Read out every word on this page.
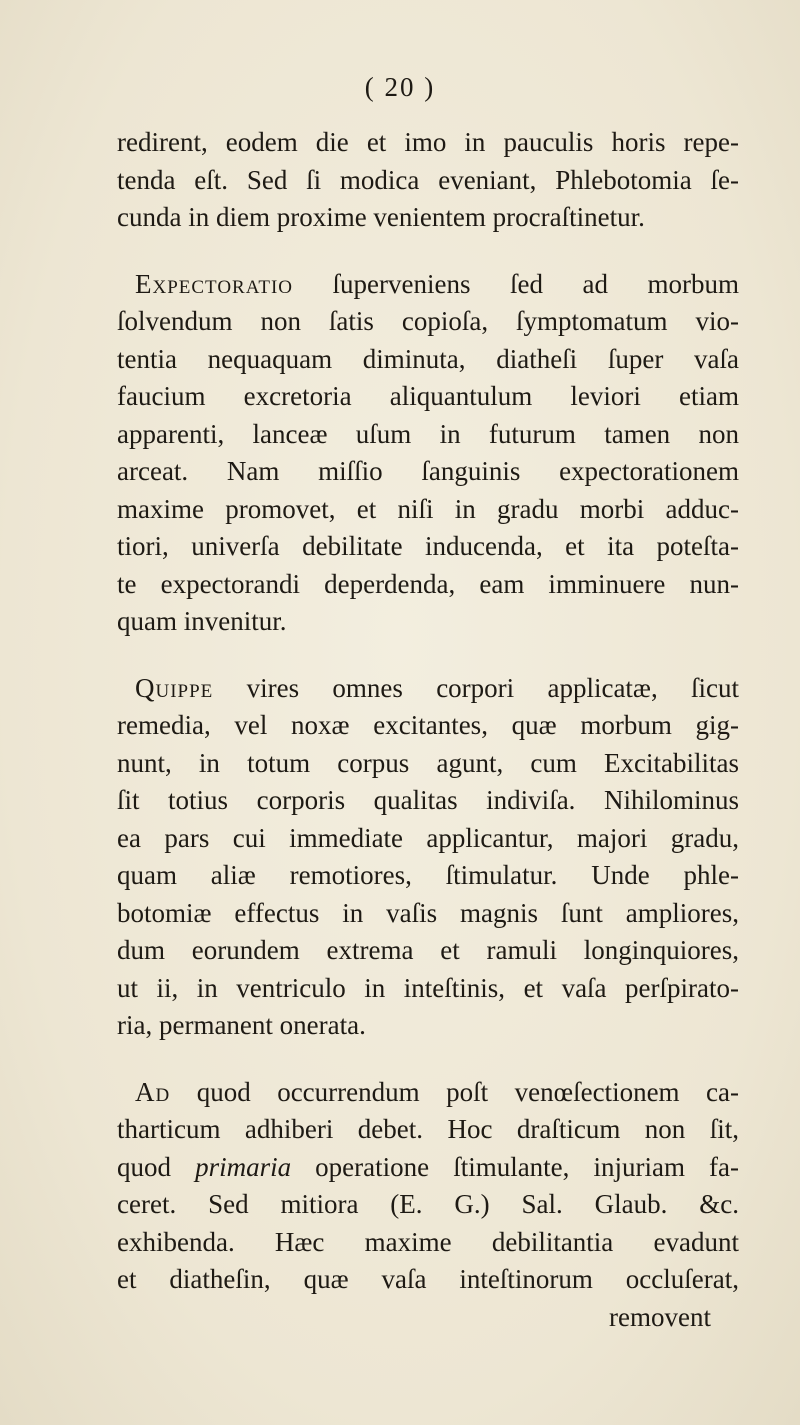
( 20 )
redirent, eodem die et imo in pauculis horis repe-
tenda eſt. Sed ſi modica eveniant, Phlebotomia ſe-
cunda in diem proxime venientem procraſtinetur.
Expectoratio ſuperveniens ſed ad morbum
ſolvendum non ſatis copioſa, ſymptomatum vio-
tentia nequaquam diminuta, diatheſi ſuper vaſa
faucium excretoria aliquantulum leviori etiam
apparenti, lanceæ uſum in futurum tamen non
arceat. Nam miſſio ſanguinis expectorationem
maxime promovet, et niſi in gradu morbi adduc-
tiori, univerſa debilitate inducenda, et ita poteſta-
te expectorandi deperdenda, eam imminuere nun-
quam invenitur.
Quippe vires omnes corpori applicatæ, ſicut
remedia, vel noxæ excitantes, quæ morbum gig-
nunt, in totum corpus agunt, cum Excitabilitas
ſit totius corporis qualitas indiviſa. Nihilominus
ea pars cui immediate applicantur, majori gradu,
quam aliæ remotiores, ſtimulatur. Unde phle-
botomiæ effectus in vaſis magnis ſunt ampliores,
dum eorundem extrema et ramuli longinquiores,
ut ii, in ventriculo in inteſtinis, et vaſa perſpirato-
ria, permanent onerata.
Ad quod occurrendum poſt venœſectionem ca-
tharticum adhiberi debet. Hoc draſticum non ſit,
quod primaria operatione ſtimulante, injuriam fa-
ceret. Sed mitiora (E. G.) Sal. Glaub. &c.
exhibenda. Hæc maxime debilitantia evadunt
et diatheſin, quæ vaſa inteſtinorum occluſerat,
removent
